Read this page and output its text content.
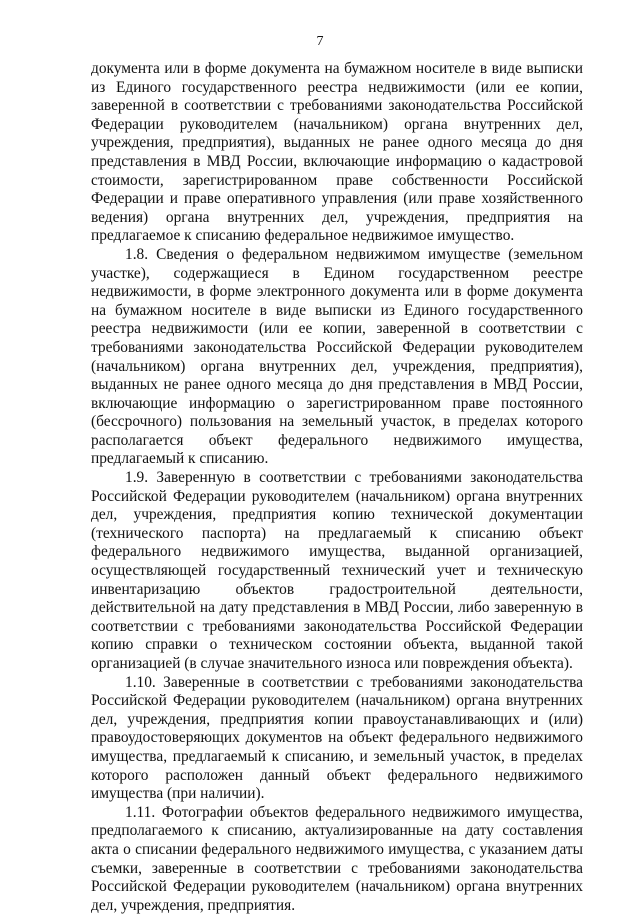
7

документа или в форме документа на бумажном носителе в виде выписки из Единого государственного реестра недвижимости (или ее копии, заверенной в соответствии с требованиями законодательства Российской Федерации руководителем (начальником) органа внутренних дел, учреждения, предприятия), выданных не ранее одного месяца до дня представления в МВД России, включающие информацию о кадастровой стоимости, зарегистрированном праве собственности Российской Федерации и праве оперативного управления (или праве хозяйственного ведения) органа внутренних дел, учреждения, предприятия на предлагаемое к списанию федеральное недвижимое имущество.

1.8. Сведения о федеральном недвижимом имуществе (земельном участке), содержащиеся в Едином государственном реестре недвижимости, в форме электронного документа или в форме документа на бумажном носителе в виде выписки из Единого государственного реестра недвижимости (или ее копии, заверенной в соответствии с требованиями законодательства Российской Федерации руководителем (начальником) органа внутренних дел, учреждения, предприятия), выданных не ранее одного месяца до дня представления в МВД России, включающие информацию о зарегистрированном праве постоянного (бессрочного) пользования на земельный участок, в пределах которого располагается объект федерального недвижимого имущества, предлагаемый к списанию.

1.9. Заверенную в соответствии с требованиями законодательства Российской Федерации руководителем (начальником) органа внутренних дел, учреждения, предприятия копию технической документации (технического паспорта) на предлагаемый к списанию объект федерального недвижимого имущества, выданной организацией, осуществляющей государственный технический учет и техническую инвентаризацию объектов градостроительной деятельности, действительной на дату представления в МВД России, либо заверенную в соответствии с требованиями законодательства Российской Федерации копию справки о техническом состоянии объекта, выданной такой организацией (в случае значительного износа или повреждения объекта).

1.10. Заверенные в соответствии с требованиями законодательства Российской Федерации руководителем (начальником) органа внутренних дел, учреждения, предприятия копии правоустанавливающих и (или) правоудостоверяющих документов на объект федерального недвижимого имущества, предлагаемый к списанию, и земельный участок, в пределах которого расположен данный объект федерального недвижимого имущества (при наличии).

1.11. Фотографии объектов федерального недвижимого имущества, предполагаемого к списанию, актуализированные на дату составления акта о списании федерального недвижимого имущества, с указанием даты съемки, заверенные в соответствии с требованиями законодательства Российской Федерации руководителем (начальником) органа внутренних дел, учреждения, предприятия.
